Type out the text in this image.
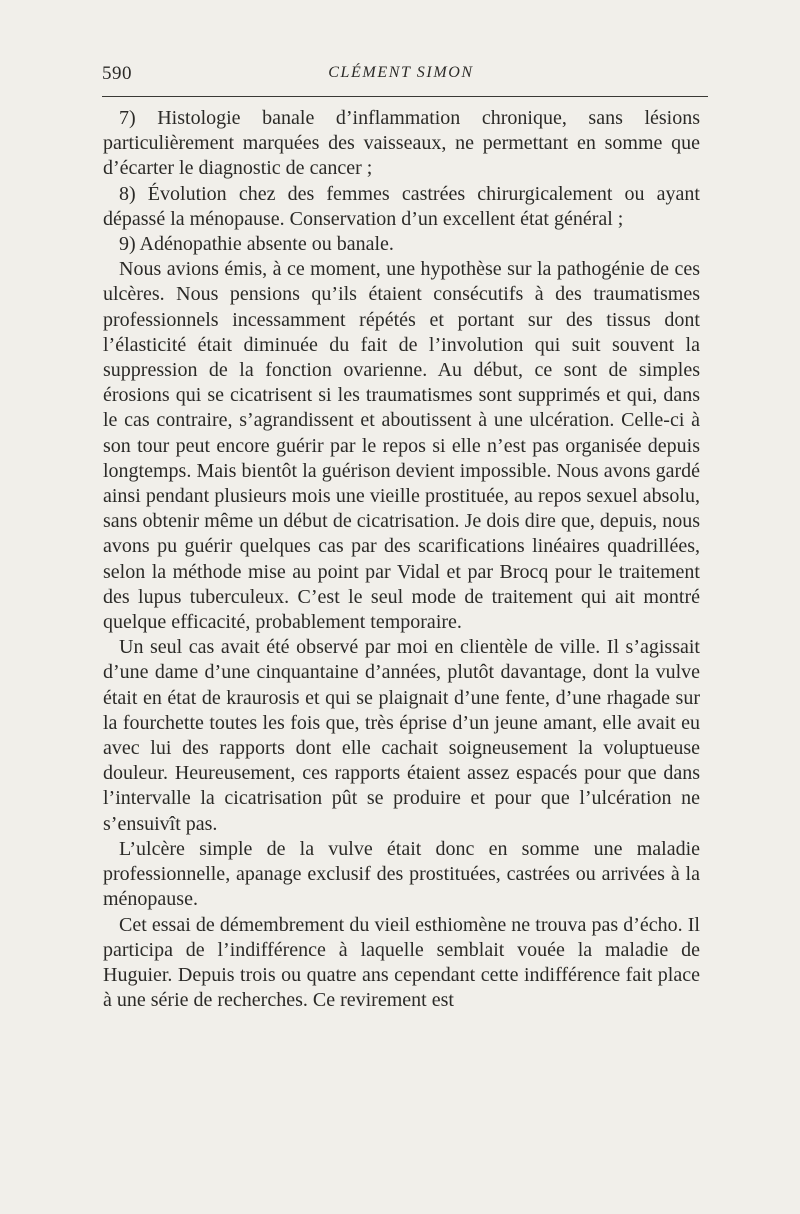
590	CLÉMENT SIMON

7) Histologie banale d’inflammation chronique, sans lésions particulièrement marquées des vaisseaux, ne permettant en somme que d’écarter le diagnostic de cancer ;

8) Évolution chez des femmes castrées chirurgicalement ou ayant dépassé la ménopause. Conservation d’un excellent état général ;

9) Adénopathie absente ou banale.

Nous avions émis, à ce moment, une hypothèse sur la pathogénie de ces ulcères. Nous pensions qu’ils étaient consécutifs à des traumatismes professionnels incessamment répétés et portant sur des tissus dont l’élasticité était diminuée du fait de l’involution qui suit souvent la suppression de la fonction ovarienne. Au début, ce sont de simples érosions qui se cicatrisent si les traumatismes sont supprimés et qui, dans le cas contraire, s’agrandissent et aboutissent à une ulcération. Celle-ci à son tour peut encore guérir par le repos si elle n’est pas organisée depuis longtemps. Mais bientôt la guérison devient impossible. Nous avons gardé ainsi pendant plusieurs mois une vieille prostituée, au repos sexuel absolu, sans obtenir même un début de cicatrisation. Je dois dire que, depuis, nous avons pu guérir quelques cas par des scarifications linéaires quadrillées, selon la méthode mise au point par Vidal et par Brocq pour le traitement des lupus tuberculeux. C’est le seul mode de traitement qui ait montré quelque efficacité, probablement temporaire.

Un seul cas avait été observé par moi en clientèle de ville. Il s’agissait d’une dame d’une cinquantaine d’années, plutôt davantage, dont la vulve était en état de kraurosis et qui se plaignait d’une fente, d’une rhagade sur la fourchette toutes les fois que, très éprise d’un jeune amant, elle avait eu avec lui des rapports dont elle cachait soigneusement la voluptueuse douleur. Heureusement, ces rapports étaient assez espacés pour que dans l’intervalle la cicatrisation pût se produire et pour que l’ulcération ne s’ensuivît pas.

L’ulcère simple de la vulve était donc en somme une maladie professionnelle, apanage exclusif des prostituées, castrées ou arrivées à la ménopause.

Cet essai de démembrement du vieil esthiomène ne trouva pas d’écho. Il participa de l’indifférence à laquelle semblait vouée la maladie de Huguier. Depuis trois ou quatre ans cependant cette indifférence fait place à une série de recherches. Ce revirement est
